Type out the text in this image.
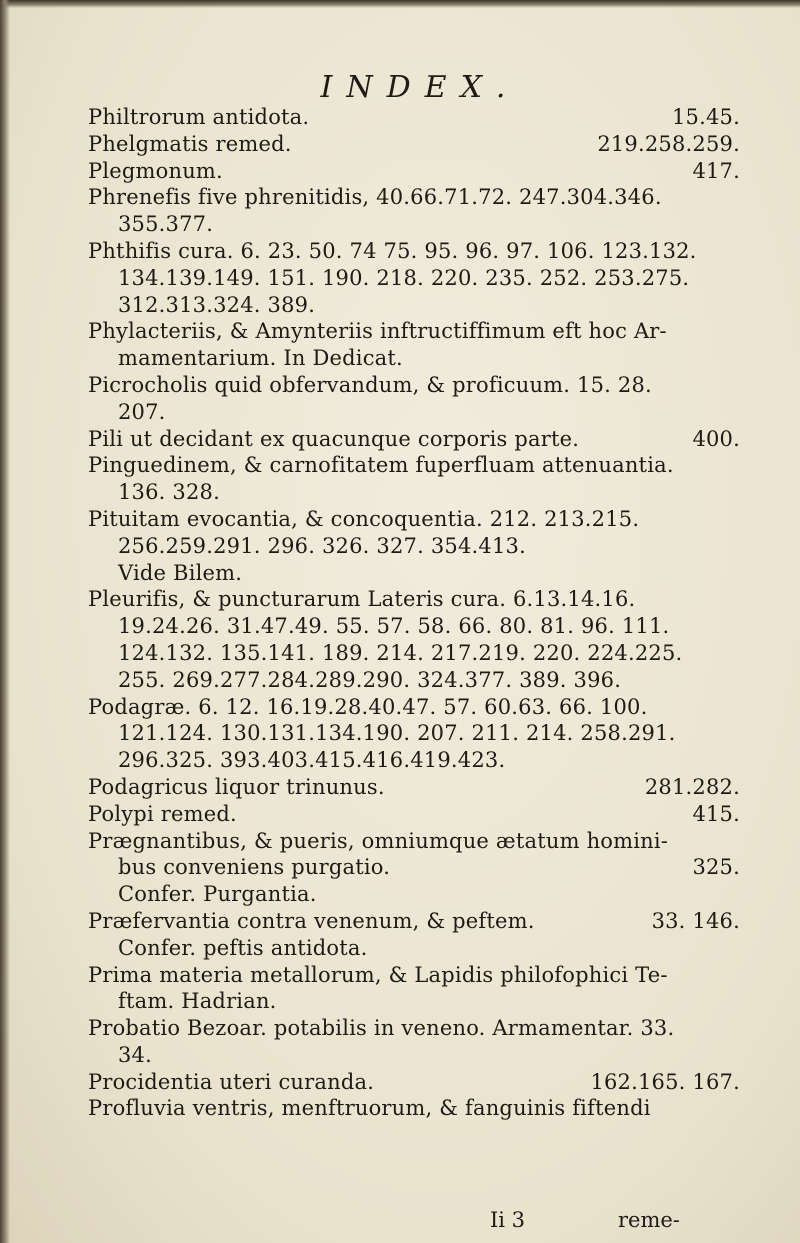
INDEX.
Philtrorum antidota.	15.45.
Phelgmatis remed.	219.258.259.
Plegmonum.	417.
Phrenefis five phrenitidis, 40.66.71.72. 247.304.346.
355.377.
Phthifis cura. 6. 23. 50. 74 75. 95. 96. 97. 106. 123.132.
134.139.149. 151. 190. 218. 220. 235. 252. 253.275.
312.313.324. 389.
Phylacteriis, & Amynteriis inftructiffimum eft hoc Ar-
mamentarium. In Dedicat.
Picrocholis quid obfervandum, & proficuum. 15. 28.
207.
Pili ut decidant ex quacunque corporis parte.	400.
Pinguedinem, & carnofitatem fuperfluam attenuantia.
136. 328.
Pituitam evocantia, & concoquentia. 212. 213.215.
256.259.291. 296. 326. 327. 354.413.
Vide Bilem.
Pleurifis, & puncturarum Lateris cura. 6.13.14.16.
19.24.26. 31.47.49. 55. 57. 58. 66. 80. 81. 96. 111.
124.132. 135.141. 189. 214. 217.219. 220. 224.225.
255. 269.277.284.289.290. 324.377. 389. 396.
Podagræ. 6. 12. 16.19.28.40.47. 57. 60.63. 66. 100.
121.124. 130.131.134.190. 207. 211. 214. 258.291.
296.325. 393.403.415.416.419.423.
Podagricus liquor trinunus.	281.282.
Polypi remed.	415.
Prægnantibus, & pueris, omniumque ætatum homini-
bus conveniens purgatio.	325.
Confer. Purgantia.
Præfervantia contra venenum, & peftem.	33. 146.
Confer. peftis antidota.
Prima materia metallorum, & Lapidis philofophici Te-
ftam. Hadrian.
Probatio Bezoar. potabilis in veneno. Armamentar. 33.
34.
Procidentia uteri curanda.	162.165. 167.
Profluvia ventris, menftruorum, & fanguinis fiftendi
Ii 3	reme-
